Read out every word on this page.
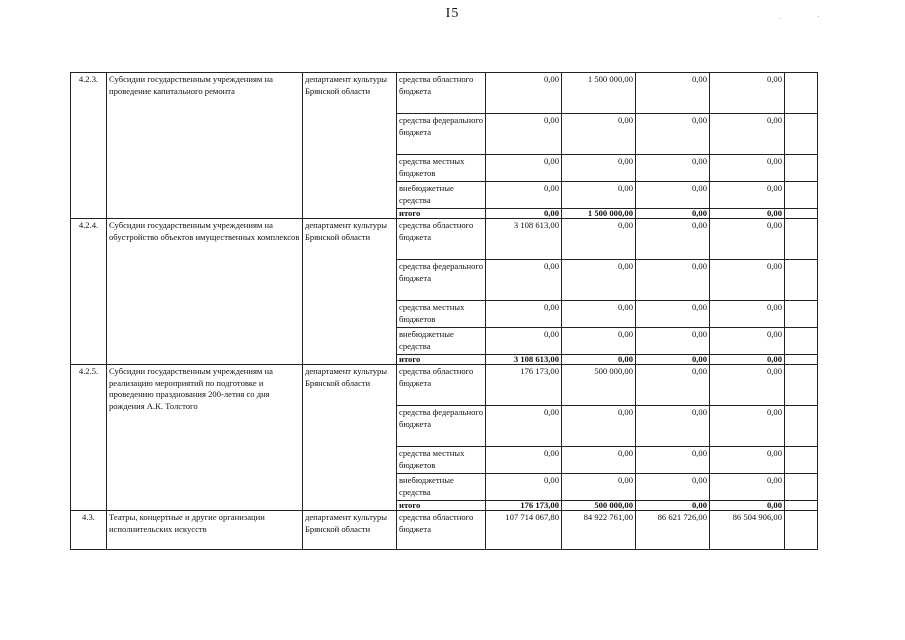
I5
4.2.3.	Субсидии государственным учреждениям на проведение капитального ремонта	департамент культуры Брянской области	средства областного бюджета	0,00	1 500 000,00	0,00	0,00	
			средства федерального бюджета	0,00	0,00	0,00	0,00	
			средства местных бюджетов	0,00	0,00	0,00	0,00	
			внебюджетные средства	0,00	0,00	0,00	0,00	
			итого	0,00	1 500 000,00	0,00	0,00	
4.2.4.	Субсидии государственным учреждениям на обустройство объектов имущественных комплексов	департамент культуры Брянской области	средства областного бюджета	3 108 613,00	0,00	0,00	0,00	
			средства федерального бюджета	0,00	0,00	0,00	0,00	
			средства местных бюджетов	0,00	0,00	0,00	0,00	
			внебюджетные средства	0,00	0,00	0,00	0,00	
			итого	3 108 613,00	0,00	0,00	0,00	
4.2.5.	Субсидии государственным учреждениям на реализацию мероприятий по подготовке и проведению празднования 200-летия со дня рождения А.К. Толстого	департамент культуры Брянской области	средства областного бюджета	176 173,00	500 000,00	0,00	0,00	
			средства федерального бюджета	0,00	0,00	0,00	0,00	
			средства местных бюджетов	0,00	0,00	0,00	0,00	
			внебюджетные средства	0,00	0,00	0,00	0,00	
			итого	176 173,00	500 000,00	0,00	0,00	
4.3.	Театры, концертные и другие организации исполнительских искусств	департамент культуры Брянской области	средства областного бюджета	107 714 067,80	84 922 761,00	86 621 726,00	86 504 906,00	
